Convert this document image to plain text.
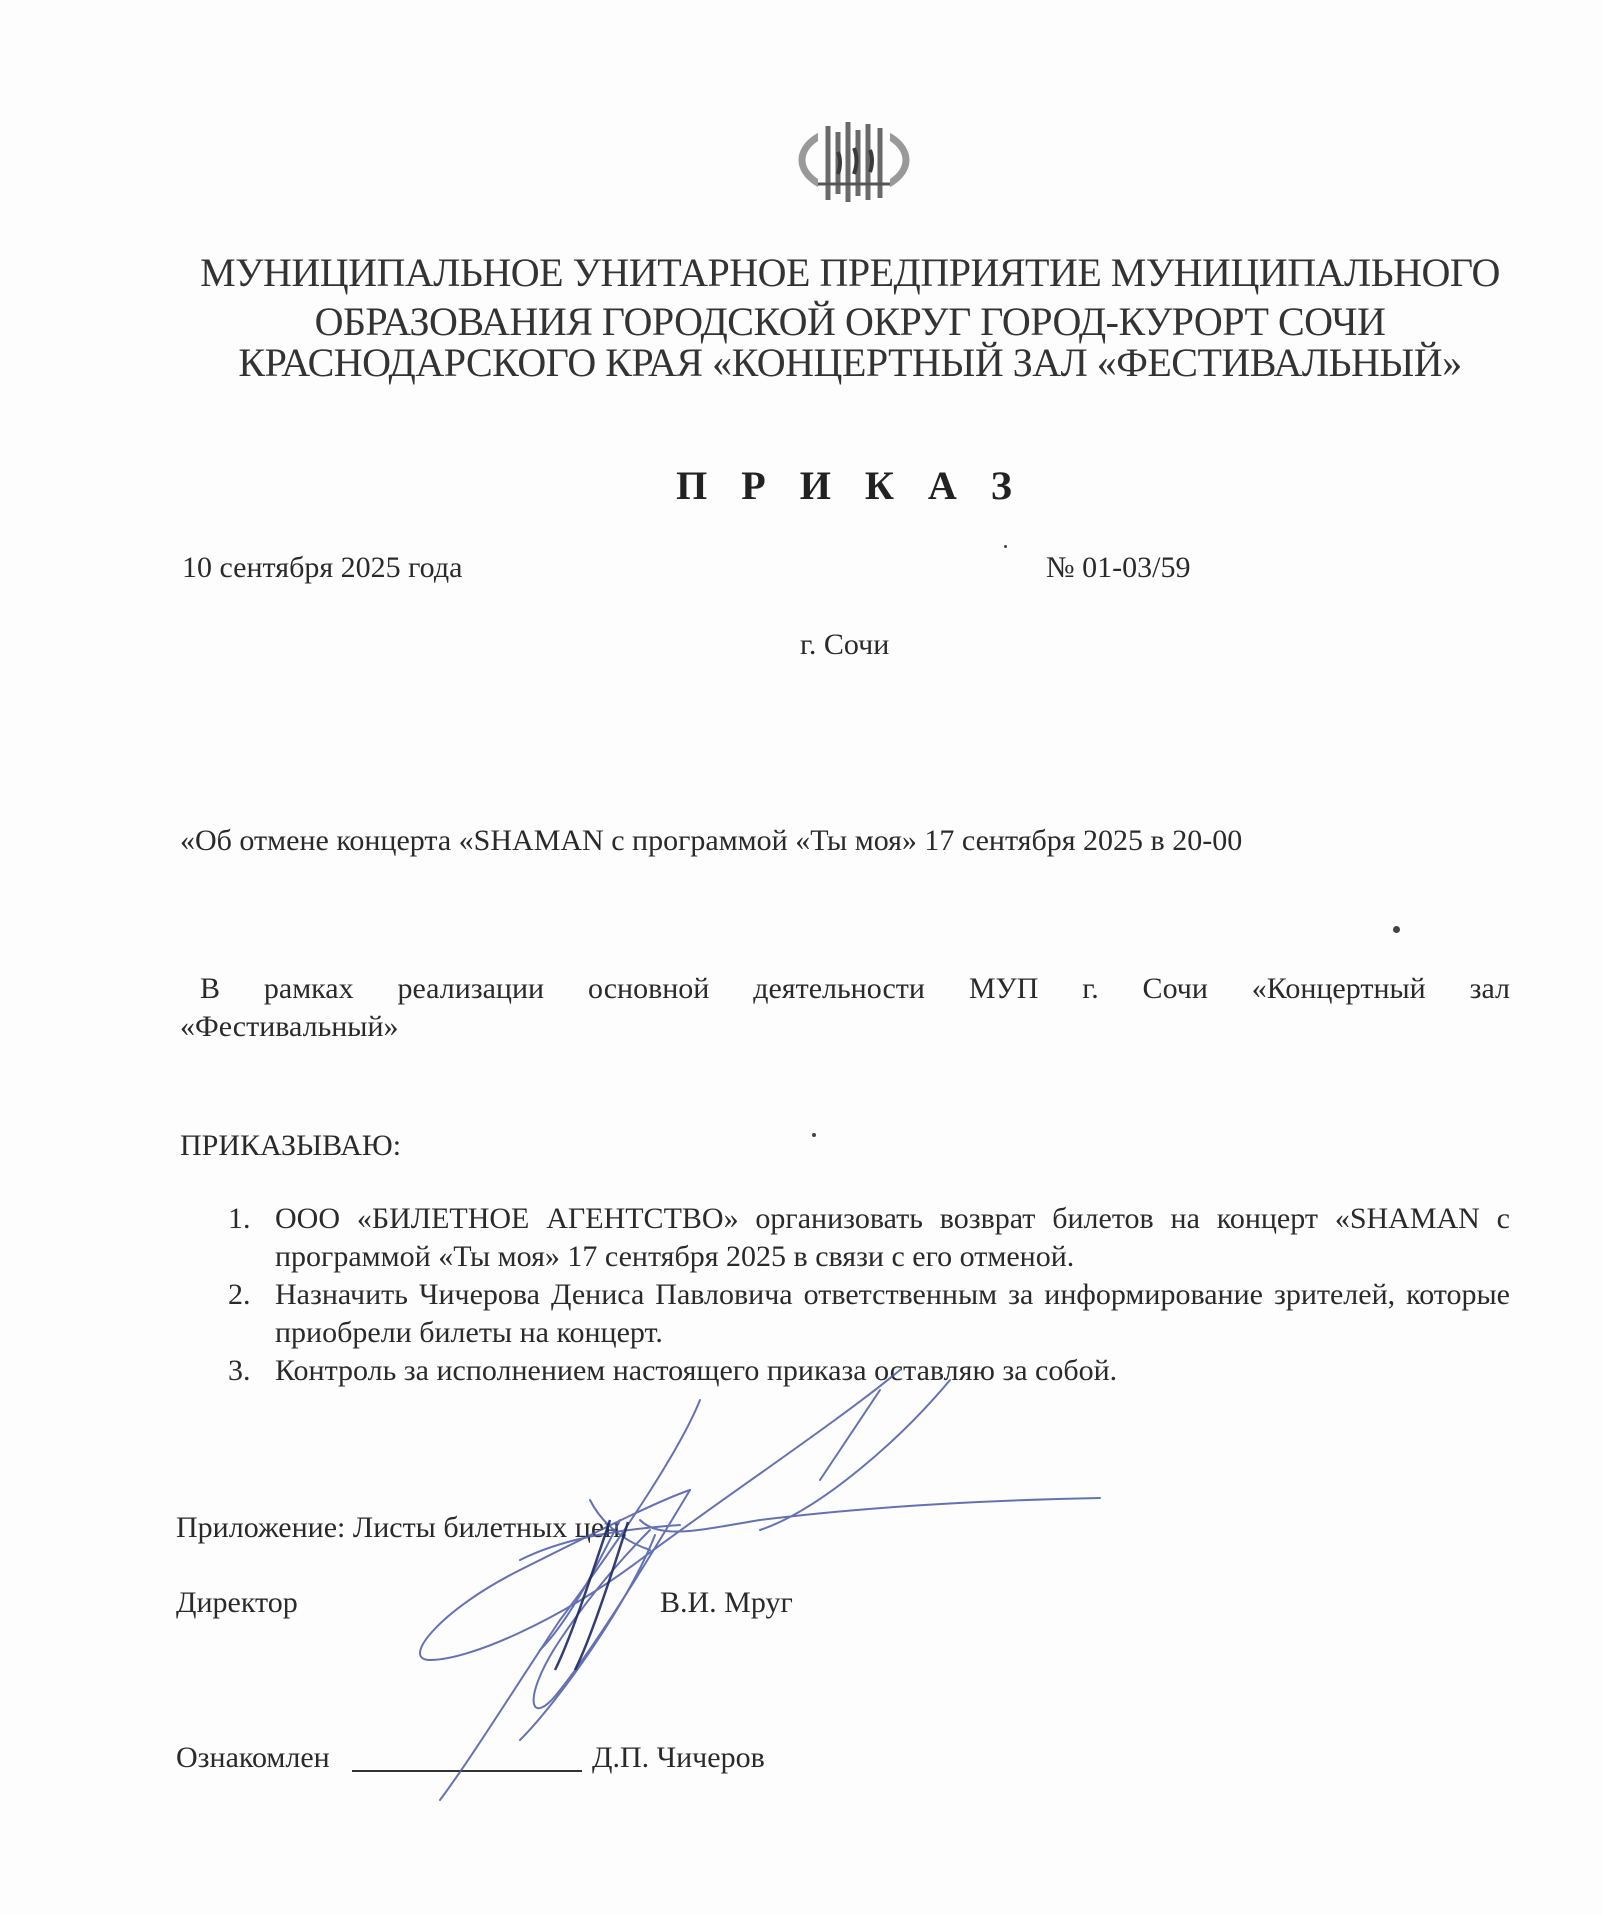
МУНИЦИПАЛЬНОЕ УНИТАРНОЕ ПРЕДПРИЯТИЕ МУНИЦИПАЛЬНОГО
ОБРАЗОВАНИЯ ГОРОДСКОЙ ОКРУГ ГОРОД-КУРОРТ СОЧИ
КРАСНОДАРСКОГО КРАЯ «КОНЦЕРТНЫЙ ЗАЛ «ФЕСТИВАЛЬНЫЙ»
П Р И К А З
10 сентября 2025 года	№ 01-03/59
г. Сочи
«Об отмене концерта «SHAMAN с программой «Ты моя» 17 сентября 2025 в 20-00
В рамках реализации основной деятельности МУП г. Сочи «Концертный зал
«Фестивальный»
ПРИКАЗЫВАЮ:
1. ООО «БИЛЕТНОЕ АГЕНТСТВО» организовать возврат билетов на концерт «SHAMAN с программой «Ты моя» 17 сентября 2025 в связи с его отменой.
2. Назначить Чичерова Дениса Павловича ответственным за информирование зрителей, которые приобрели билеты на концерт.
3. Контроль за исполнением настоящего приказа оставляю за собой.
Приложение: Листы билетных цен.
Директор	В.И. Мруг
Ознакомлен	Д.П. Чичеров
